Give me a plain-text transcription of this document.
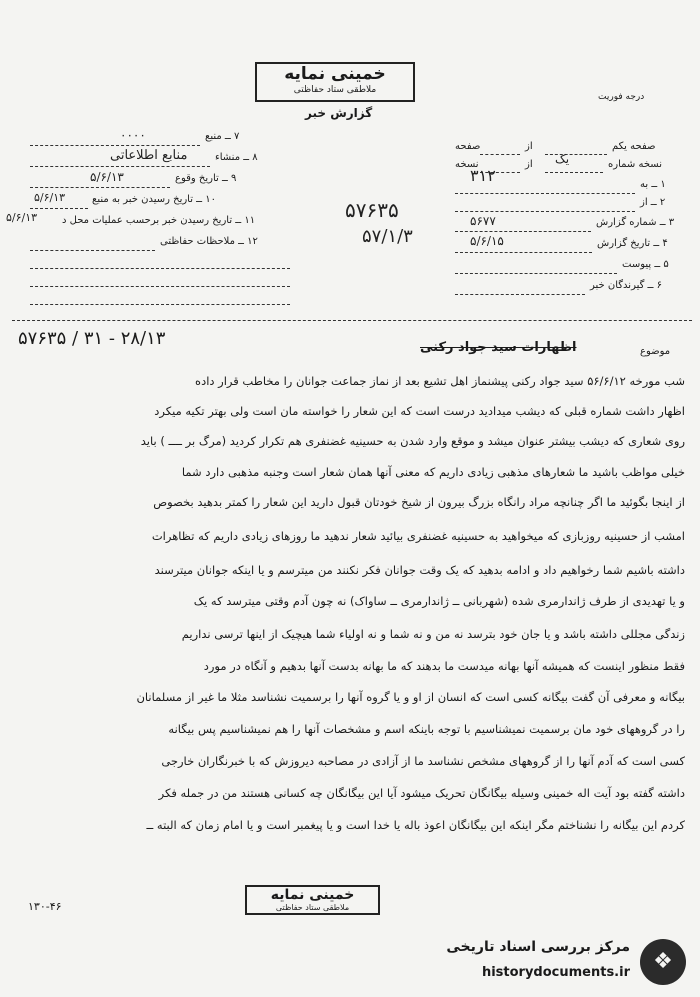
خمینی نمایه
ملاطقی ستاد حفاظتی
گزارش خبر
درجه فوریت
۷ ــ منبع
۰۰۰۰
۸ ــ منشاء
منابع اطلاعاتی
۹ ــ تاریخ وقوع
۵/۶/۱۳
۱۰ ــ تاریخ رسیدن خبر به منبع
۵/۶/۱۳
۱۱ ــ تاریخ رسیدن خبر برحسب عملیات محل د
۵/۶/۱۳
۱۲ ــ ملاحظات حفاظتی
صفحه یکم
از
صفحه
نسخه شماره
از
نسخه	یک
۱ ــ به
۳۱۲
۲ ــ از
۳ ــ شماره گزارش
۵۶۷۷
۴ ــ تاریخ گزارش
۵/۶/۱۵
۵ ــ پیوست
۶ ــ گیرندگان خبر
۵۷۶۳۵
۵۷/۱/۳
موضوع
اظهارات سید جواد رکنی
۵۷۶۳۵ / ۳۱ - ۲۸/۱۳
شب مورخه ۵۶/۶/۱۲ سید جواد رکنی پیشنماز اهل تشیع بعد از نماز جماعت جوانان را مخاطب قرار داده
اظهار داشت شماره قبلی که دیشب میدادید درست است که این شعار را خواسته مان است ولی بهتر تکیه میکرد
روی شعاری که دیشب بیشتر عنوان میشد و موقع وارد شدن به حسینیه غضنفری هم تکرار کردید (مرگ بر ــــ ) باید
خیلی مواظب باشید ما شعارهای مذهبی زیادی داریم که معنی آنها همان شعار است وجنبه مذهبی دارد شما
از اینجا بگوئید ما اگر چنانچه مراد رانگاه بزرگ بیرون از شیخ خودتان قبول دارید این شعار را کمتر بدهید بخصوص
امشب از حسینیه روزبازی که میخواهید به حسینیه غضنفری بیائید شعار ندهید ما روزهای زیادی داریم که تظاهرات
داشته باشیم شما رخواهیم داد و ادامه بدهید که یک وقت جوانان فکر نکنند من میترسم و یا اینکه جوانان میترسند
و یا تهدیدی از طرف ژاندارمری شده (شهربانی ــ ژاندارمری ــ ساواک) نه چون آدم وقتی میترسد که یک
زندگی مجللی داشته باشد و یا جان خود بترسد نه من و نه شما و نه اولیاء شما هیچیک از اینها ترسی نداریم
فقط منظور اینست که همیشه آنها بهانه میدست ما بدهند که ما بهانه بدست آنها بدهیم و آنگاه در مورد
بیگانه و معرفی آن گفت بیگانه کسی است که انسان از او و یا گروه آنها را برسمیت نشناسد مثلا ما غیر از مسلمانان
را در گروههای خود مان برسمیت نمیشناسیم با توجه باینکه اسم و مشخصات آنها را هم نمیشناسیم پس بیگانه
کسی است که آدم آنها را از گروههای مشخص نشناسد ما از آزادی در مصاحبه دیروزش که با خبرنگاران خارجی
داشته گفته بود آیت اله خمینی وسیله بیگانگان تحریک میشود آیا این بیگانگان چه کسانی هستند من در جمله فکر
کردم این بیگانه را نشناختم مگر اینکه این بیگانگان اعوذ باله یا خدا است و یا پیغمبر است و یا امام زمان که البته ــ
خمینی نمایه
ملاطقی ستاد حفاظتی
۱۳۰-۴۶
مرکز بررسی اسناد تاریخی
historydocuments.ir	❖
